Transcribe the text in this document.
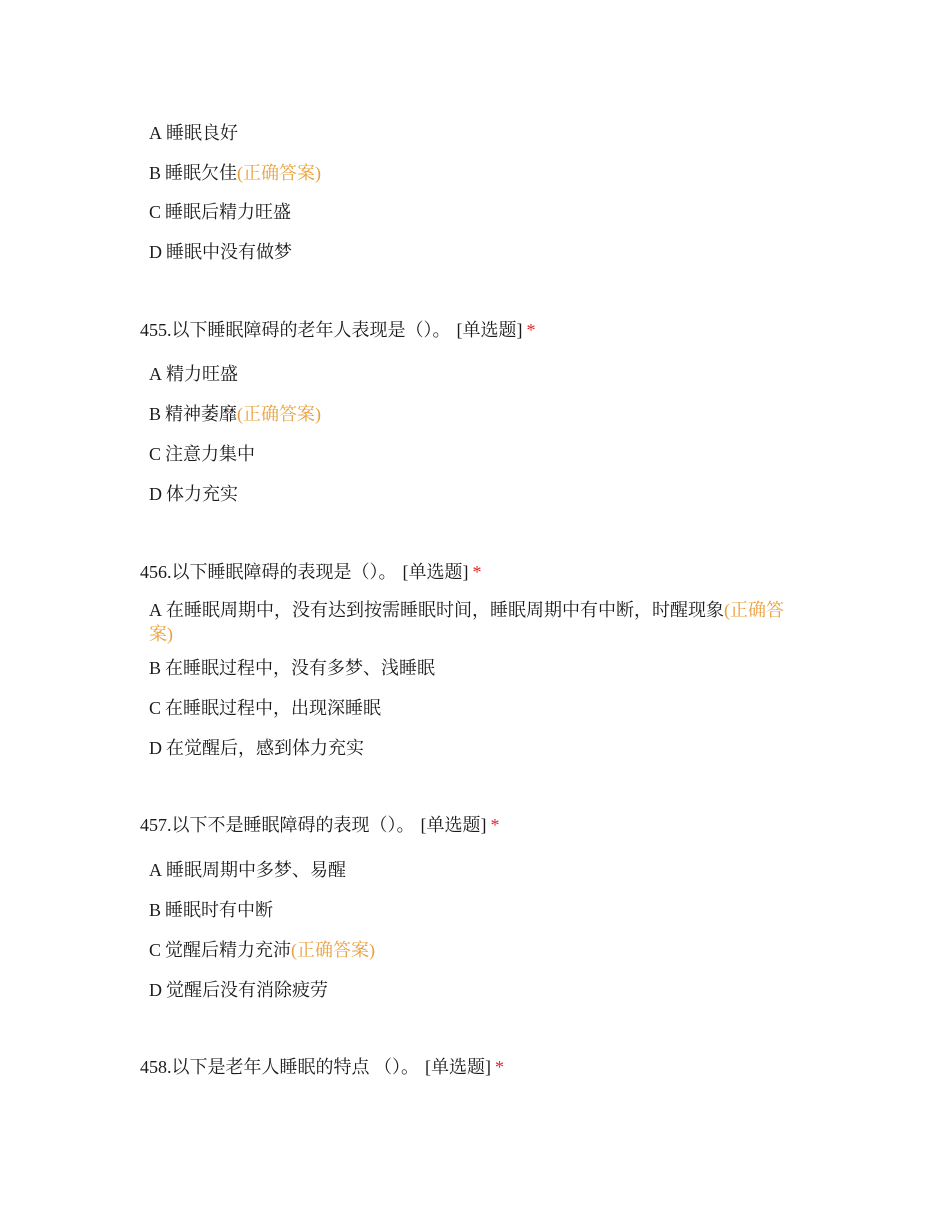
A 睡眠良好
B 睡眠欠佳(正确答案)
C 睡眠后精力旺盛
D 睡眠中没有做梦
455.以下睡眠障碍的老年人表现是（）。 [单选题] *
A 精力旺盛
B 精神萎靡(正确答案)
C 注意力集中
D 体力充实
456.以下睡眠障碍的表现是（）。 [单选题] *
A 在睡眠周期中，没有达到按需睡眠时间，睡眠周期中有中断，时醒现象(正确答案)
B 在睡眠过程中，没有多梦、浅睡眠
C 在睡眠过程中，出现深睡眠
D 在觉醒后，感到体力充实
457.以下不是睡眠障碍的表现（）。 [单选题] *
A 睡眠周期中多梦、易醒
B 睡眠时有中断
C 觉醒后精力充沛(正确答案)
D 觉醒后没有消除疲劳
458.以下是老年人睡眠的特点 （）。 [单选题] *
